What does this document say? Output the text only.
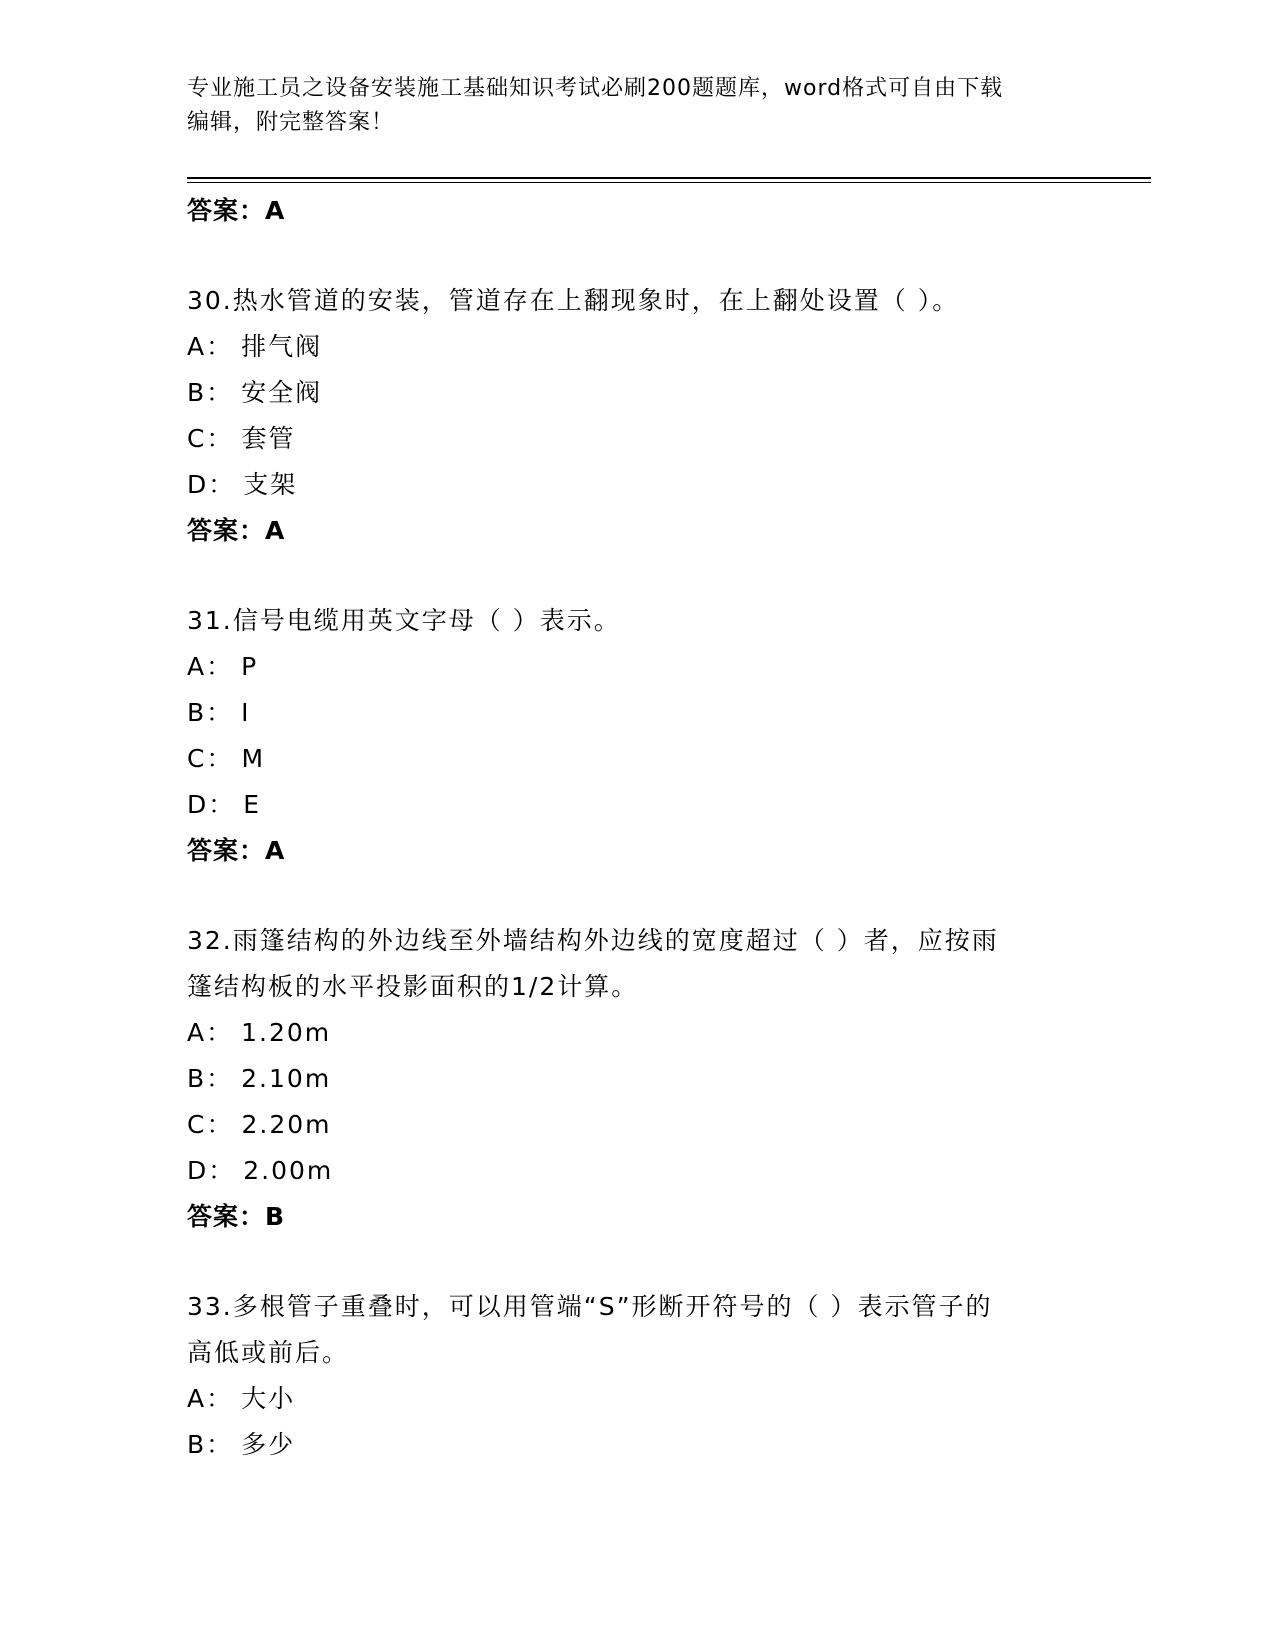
专业施工员之设备安装施工基础知识考试必刷200题题库，word格式可自由下载
编辑，附完整答案！
答案：A
30.热水管道的安装，管道存在上翻现象时，在上翻处设置（ ）。
A： 排气阀
B： 安全阀
C： 套管
D： 支架
答案：A
31.信号电缆用英文字母（ ）表示。
A： P
B： I
C： M
D： E
答案：A
32.雨篷结构的外边线至外墙结构外边线的宽度超过（ ）者，应按雨
篷结构板的水平投影面积的1/2计算。
A： 1.20m
B： 2.10m
C： 2.20m
D： 2.00m
答案：B
33.多根管子重叠时，可以用管端“S”形断开符号的（ ）表示管子的
高低或前后。
A： 大小
B： 多少
